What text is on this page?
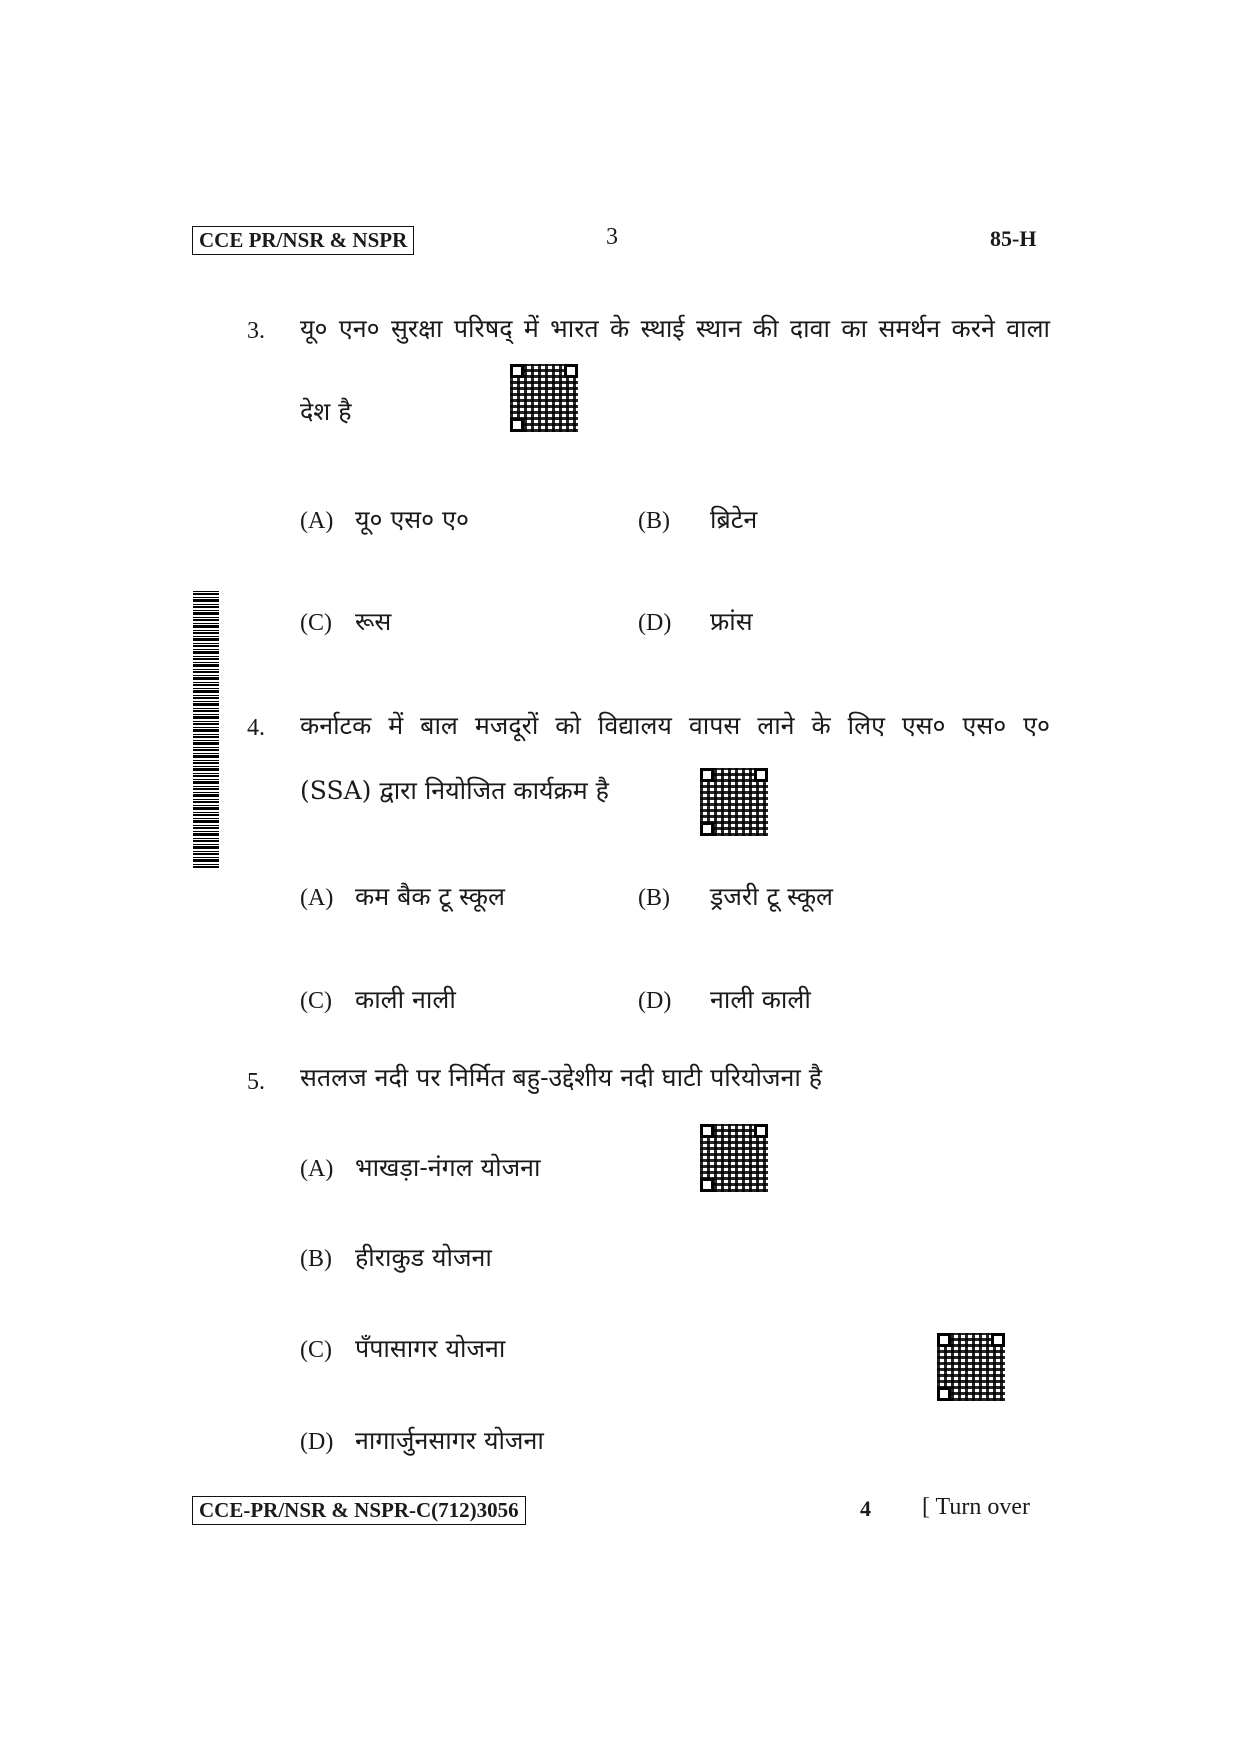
CCE PR/NSR & NSPR	3	85-H
3. यू० एन० सुरक्षा परिषद् में भारत के स्थाई स्थान की दावा का समर्थन करने वाला
देश है
(A) यू० एस० ए०	(B) ब्रिटेन
(C) रूस	(D) फ्रांस
4. कर्नाटक में बाल मजदूरों को विद्यालय वापस लाने के लिए एस० एस० ए०
(SSA) द्वारा नियोजित कार्यक्रम है
(A) कम बैक टू स्कूल	(B) ड्रजरी टू स्कूल
(C) काली नाली	(D) नाली काली
5. सतलज नदी पर निर्मित बहु-उद्देशीय नदी घाटी परियोजना है
(A) भाखड़ा-नंगल योजना
(B) हीराकुड योजना
(C) पँपासागर योजना
(D) नागार्जुनसागर योजना
CCE-PR/NSR & NSPR-C(712)3056	4 [ Turn over
